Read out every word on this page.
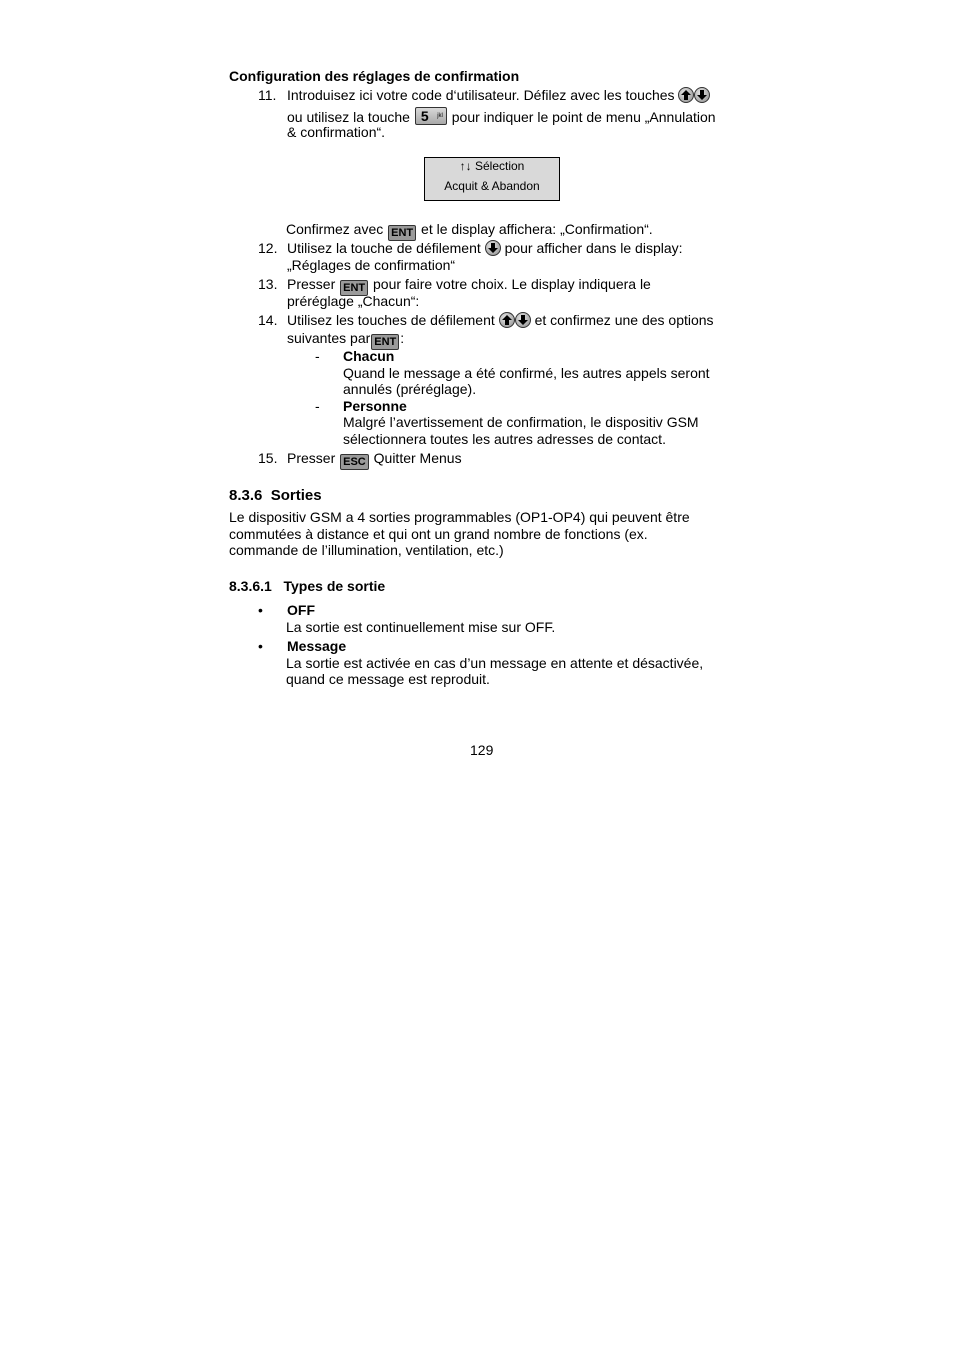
Configuration des réglages de confirmation
11. Introduisez ici votre code d‘utilisateur. Défilez avec les touches
ou utilisez la touche 5 jkl pour indiquer le point de menu „Annulation
& confirmation“.
↑↓ Sélection
Acquit & Abandon
Confirmez avec ENT et le display affichera: „Confirmation“.
12. Utilisez la touche de défilement pour afficher dans le display:
„Réglages de confirmation“
13. Presser ENT pour faire votre choix. Le display indiquera le
préréglage „Chacun“:
14. Utilisez les touches de défilement	et confirmez une des options
suivantes par ENT :
- Chacun
Quand le message a été confirmé, les autres appels seront
annulés (préréglage).
- Personne
Malgré l’avertissement de confirmation, le dispositiv GSM
sélectionnera toutes les autres adresses de contact.
15. Presser ESC Quitter Menus
8.3.6 Sorties
Le dispositiv GSM a 4 sorties programmables (OP1-OP4) qui peuvent être
commutées à distance et qui ont un grand nombre de fonctions (ex.
commande de l’illumination, ventilation, etc.)
8.3.6.1 Types de sortie
• OFF
La sortie est continuellement mise sur OFF.
• Message
La sortie est activée en cas d’un message en attente et désactivée,
quand ce message est reproduit.
129
